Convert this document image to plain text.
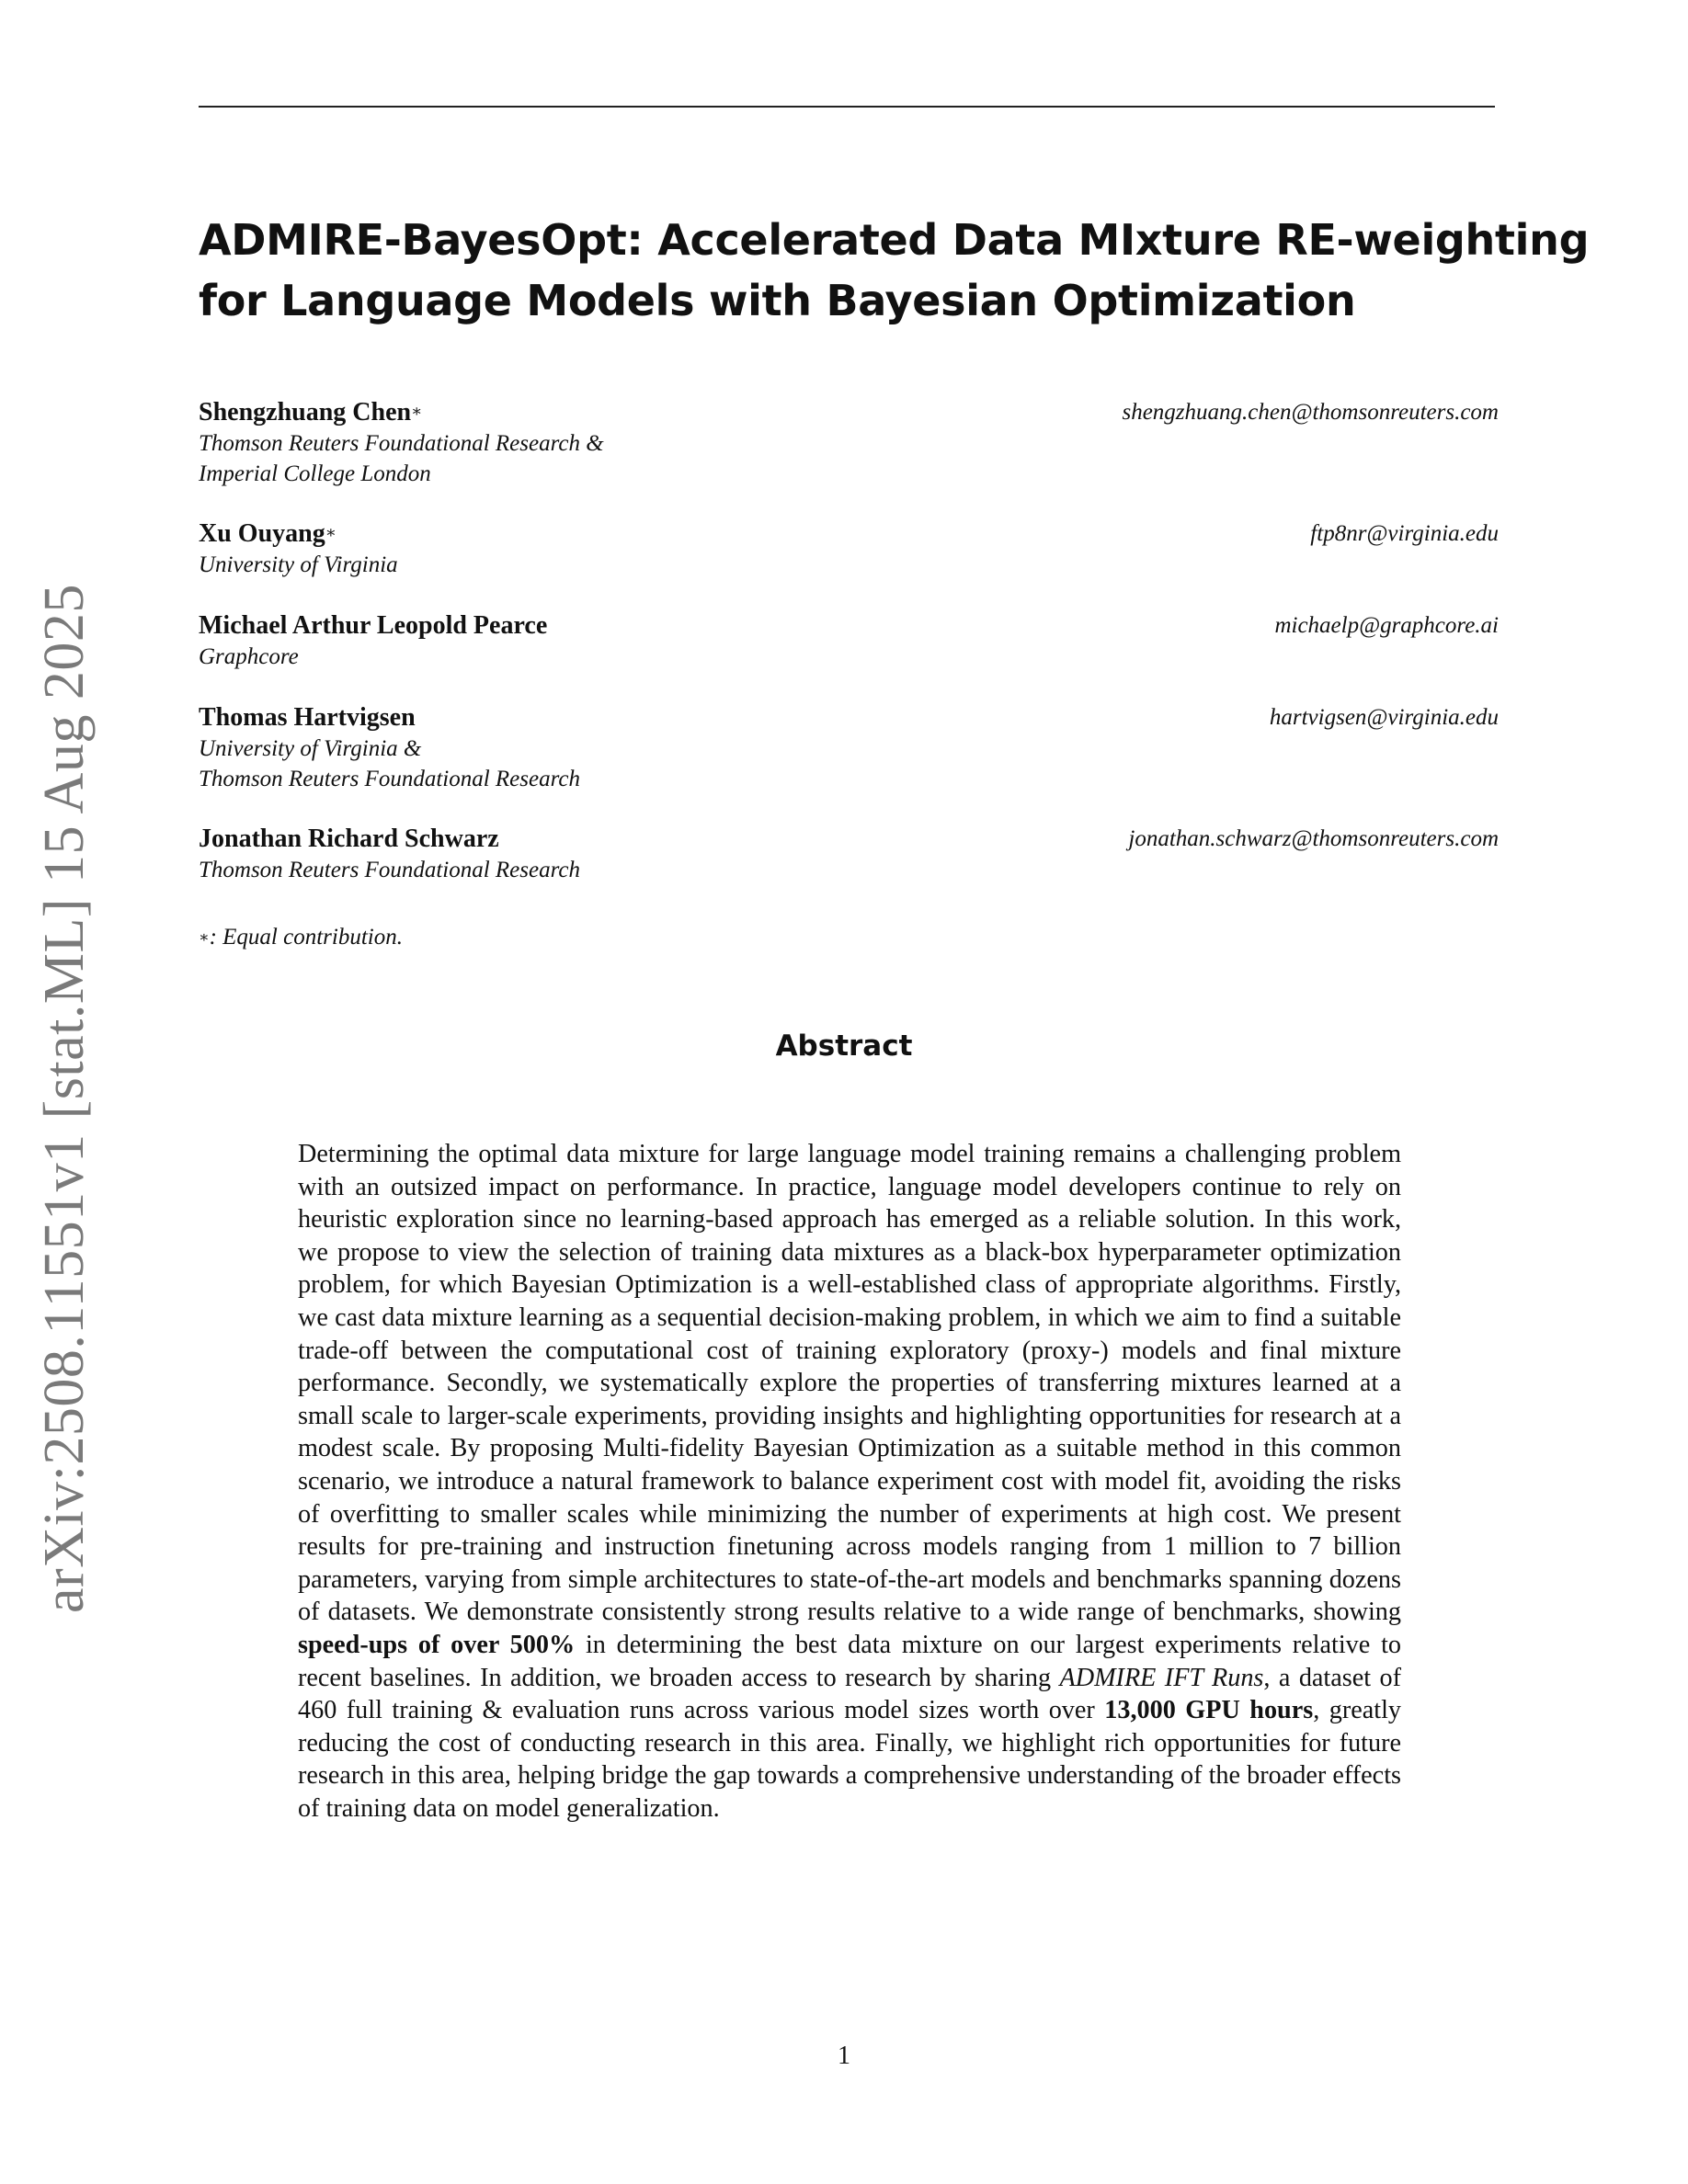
arXiv:2508.11551v1 [stat.ML] 15 Aug 2025
ADMIRE-BayesOpt: Accelerated Data MIxture RE-weighting
for Language Models with Bayesian Optimization
Shengzhuang Chen∗	shengzhuang.chen@thomsonreuters.com
Thomson Reuters Foundational Research &
Imperial College London
Xu Ouyang∗	ftp8nr@virginia.edu
University of Virginia
Michael Arthur Leopold Pearce	michaelp@graphcore.ai
Graphcore
Thomas Hartvigsen	hartvigsen@virginia.edu
University of Virginia &
Thomson Reuters Foundational Research
Jonathan Richard Schwarz	jonathan.schwarz@thomsonreuters.com
Thomson Reuters Foundational Research
∗: Equal contribution.
Abstract
Determining the optimal data mixture for large language model training remains a challenging problem with an outsized impact on performance. In practice, language model developers continue to rely on heuristic exploration since no learning-based approach has emerged as a reliable solution. In this work, we propose to view the selection of training data mixtures as a black-box hyperparameter optimization problem, for which Bayesian Optimization is a well-established class of appropriate algorithms. Firstly, we cast data mixture learning as a sequential decision-making problem, in which we aim to find a suitable trade-off between the computational cost of training exploratory (proxy-) models and final mixture performance. Secondly, we systematically explore the properties of transferring mixtures learned at a small scale to larger-scale experiments, providing insights and highlighting opportunities for research at a modest scale. By proposing Multi-fidelity Bayesian Optimization as a suitable method in this common scenario, we introduce a natural framework to balance experiment cost with model fit, avoiding the risks of overfitting to smaller scales while minimizing the number of experiments at high cost. We present results for pre-training and instruction finetuning across models ranging from 1 million to 7 billion parameters, varying from simple architectures to state-of-the-art models and benchmarks spanning dozens of datasets. We demonstrate consistently strong results relative to a wide range of benchmarks, showing speed-ups of over 500% in determining the best data mixture on our largest experiments relative to recent baselines. In addition, we broaden access to research by sharing ADMIRE IFT Runs, a dataset of 460 full training & evaluation runs across various model sizes worth over 13,000 GPU hours, greatly reducing the cost of conducting research in this area. Finally, we highlight rich opportunities for future research in this area, helping bridge the gap towards a comprehensive understanding of the broader effects of training data on model generalization.
1
